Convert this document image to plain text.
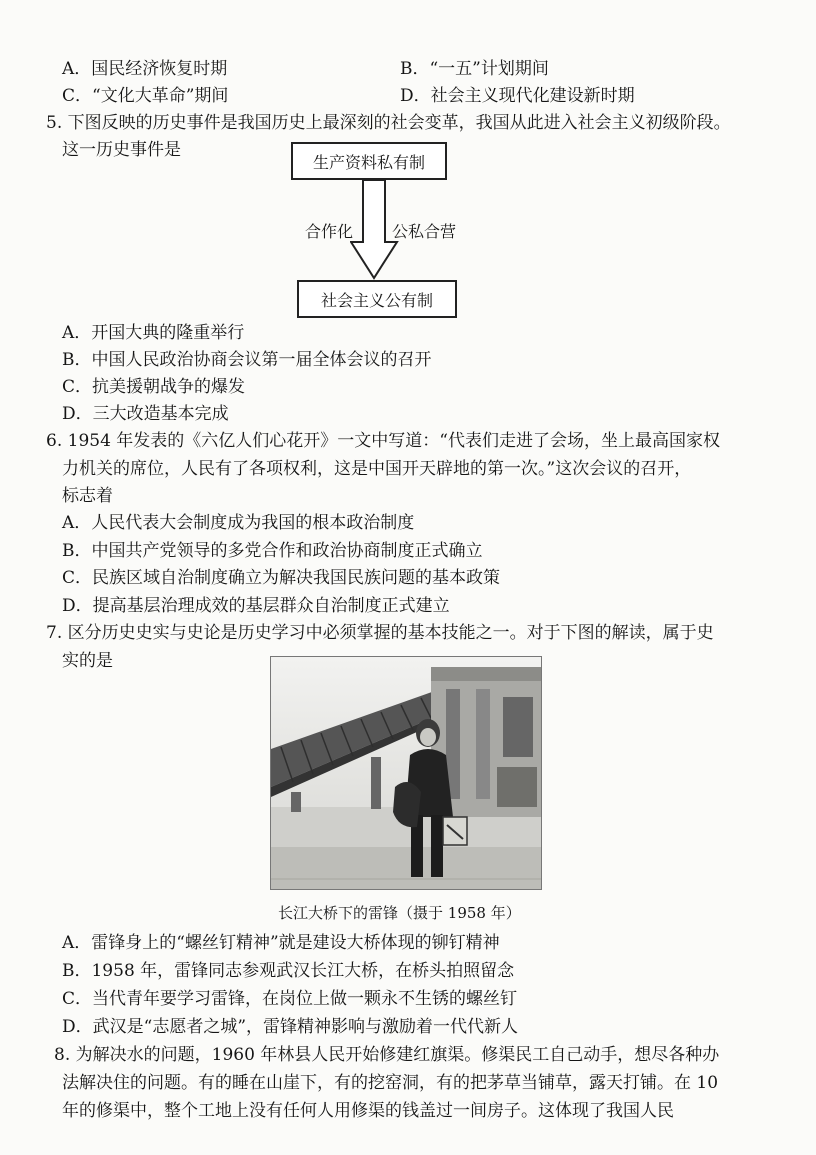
A．国民经济恢复时期	B．“一五”计划期间
C．“文化大革命”期间	D．社会主义现代化建设新时期
5. 下图反映的历史事件是我国历史上最深刻的社会变革，我国从此进入社会主义初级阶段。
这一历史事件是
生产资料私有制
合作化 公私合营
社会主义公有制
A．开国大典的隆重举行
B．中国人民政治协商会议第一届全体会议的召开
C．抗美援朝战争的爆发
D．三大改造基本完成
6. 1954 年发表的《六亿人们心花开》一文中写道：“代表们走进了会场，坐上最高国家权
力机关的席位，人民有了各项权利，这是中国开天辟地的第一次。”这次会议的召开，
标志着
A．人民代表大会制度成为我国的根本政治制度
B．中国共产党领导的多党合作和政治协商制度正式确立
C．民族区域自治制度确立为解决我国民族问题的基本政策
D．提高基层治理成效的基层群众自治制度正式建立
7. 区分历史史实与史论是历史学习中必须掌握的基本技能之一。对于下图的解读，属于史
实的是
长江大桥下的雷锋（摄于 1958 年）
A．雷锋身上的“螺丝钉精神”就是建设大桥体现的铆钉精神
B．1958 年，雷锋同志参观武汉长江大桥，在桥头拍照留念
C．当代青年要学习雷锋，在岗位上做一颗永不生锈的螺丝钉
D．武汉是“志愿者之城”，雷锋精神影响与激励着一代代新人
8. 为解决水的问题，1960 年林县人民开始修建红旗渠。修渠民工自己动手，想尽各种办
法解决住的问题。有的睡在山崖下，有的挖窑洞，有的把茅草当铺草，露天打铺。在 10
年的修渠中，整个工地上没有任何人用修渠的钱盖过一间房子。这体现了我国人民
